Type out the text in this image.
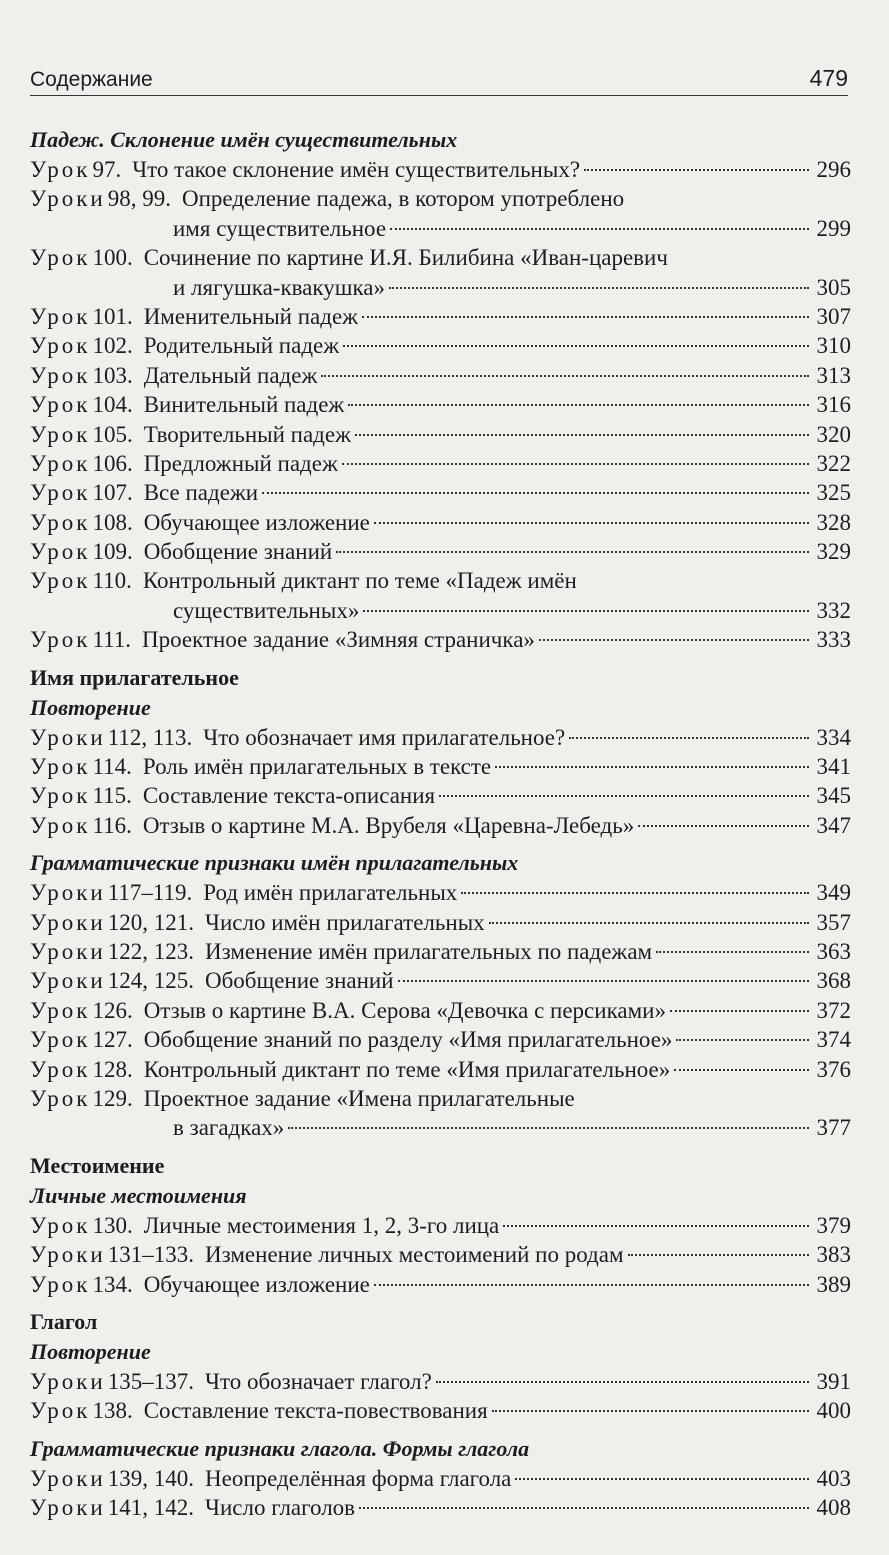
Содержание	479
Падеж. Склонение имён существительных
Урок 97. Что такое склонение имён существительных?	296
Уроки 98, 99. Определение падежа, в котором употреблено
имя существительное	299
Урок 100. Сочинение по картине И.Я. Билибина «Иван-царевич
и лягушка-квакушка»	305
Урок 101. Именительный падеж	307
Урок 102. Родительный падеж	310
Урок 103. Дательный падеж	313
Урок 104. Винительный падеж	316
Урок 105. Творительный падеж	320
Урок 106. Предложный падеж	322
Урок 107. Все падежи	325
Урок 108. Обучающее изложение	328
Урок 109. Обобщение знаний	329
Урок 110. Контрольный диктант по теме «Падеж имён
существительных»	332
Урок 111. Проектное задание «Зимняя страничка»	333
Имя прилагательное
Повторение
Уроки 112, 113. Что обозначает имя прилагательное?	334
Урок 114. Роль имён прилагательных в тексте	341
Урок 115. Составление текста-описания	345
Урок 116. Отзыв о картине М.А. Врубеля «Царевна-Лебедь»	347
Грамматические признаки имён прилагательных
Уроки 117–119. Род имён прилагательных	349
Уроки 120, 121. Число имён прилагательных	357
Уроки 122, 123. Изменение имён прилагательных по падежам	363
Уроки 124, 125. Обобщение знаний	368
Урок 126. Отзыв о картине В.А. Серова «Девочка с персиками»	372
Урок 127. Обобщение знаний по разделу «Имя прилагательное»	374
Урок 128. Контрольный диктант по теме «Имя прилагательное»	376
Урок 129. Проектное задание «Имена прилагательные
в загадках»	377
Местоимение
Личные местоимения
Урок 130. Личные местоимения 1, 2, 3-го лица	379
Уроки 131–133. Изменение личных местоимений по родам	383
Урок 134. Обучающее изложение	389
Глагол
Повторение
Уроки 135–137. Что обозначает глагол?	391
Урок 138. Составление текста-повествования	400
Грамматические признаки глагола. Формы глагола
Уроки 139, 140. Неопределённая форма глагола	403
Уроки 141, 142. Число глаголов	408
